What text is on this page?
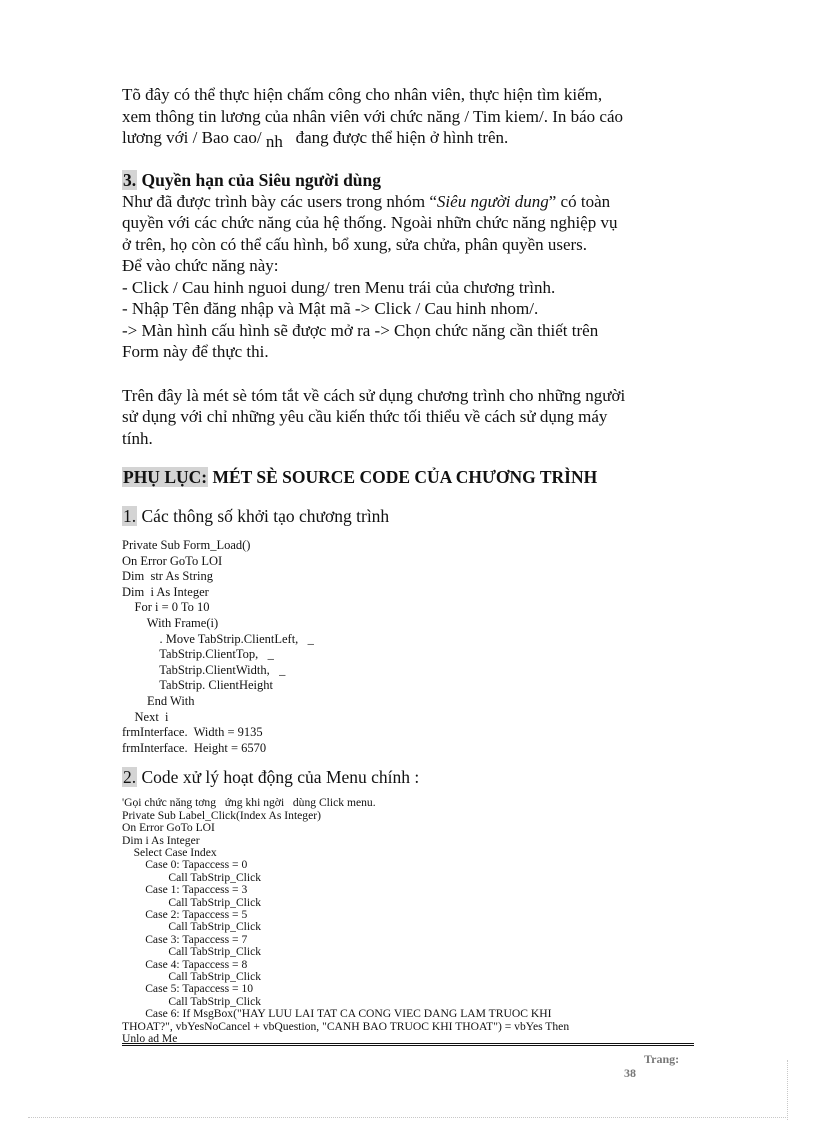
Tõ đây có thể thực hiện chấm công cho nhân viên, thực hiện tìm kiếm,

xem thông tin lương của nhân viên với chức năng / Tim kiem/. In báo cáo

lương với / Bao cao/ $_{nh}$ đang được thể hiện ở hình trên.

3. Quyền hạn của Siêu người dùng

Như đã được trình bày các users trong nhóm “Siêu người dung” có toàn

quyền với các chức năng của hệ thống. Ngoài nhữn chức năng nghiệp vụ

ở trên, họ còn có thể cấu hình, bổ xung, sửa chửa, phân quyền users.

Để vào chức năng này:

- Click / Cau hinh nguoi dung/ tren Menu trái của chương trình.

- Nhập Tên đăng nhập và Mật mã -> Click / Cau hinh nhom/.

-> Màn hình cấu hình sẽ được mở ra -> Chọn chức năng cần thiết trên

Form này để thực thi.

Trên đây là mét sè tóm tắt về cách sử dụng chương trình cho những người

sử dụng với chỉ những yêu cầu kiến thức tối thiểu về cách sử dụng máy

tính.

PHỤ LỤC: MÉT SÈ SOURCE CODE CỦA CHƯƠNG TRÌNH

1. Các thông số khởi tạo chương trình

Private Sub Form_Load()
On Error GoTo LOI
Dim  str As String
Dim  i As Integer
For i = 0 To 10
With Frame(i)
. Move TabStrip.ClientLeft,   _
TabStrip.ClientTop,   _
TabStrip.ClientWidth,   _
TabStrip. ClientHeight
End With
Next  i
frmInterface.  Width = 9135
frmInterface.  Height = 6570

2. Code xử lý hoạt động của Menu chính :

'Gọi chức năng tơng   ứng khi ngời   dùng Click menu.
Private Sub Label_Click(Index As Integer)
On Error GoTo LOI
Dim i As Integer
Select Case Index
Case 0: Tapaccess = 0
Call TabStrip_Click
Case 1: Tapaccess = 3
Call TabStrip_Click
Case 2: Tapaccess = 5
Call TabStrip_Click
Case 3: Tapaccess = 7
Call TabStrip_Click
Case 4: Tapaccess = 8
Call TabStrip_Click
Case 5: Tapaccess = 10
Call TabStrip_Click
Case 6: If MsgBox("HAY LUU LAI TAT CA CONG VIEC DANG LAM TRUOC KHI
THOAT?", vbYesNoCancel + vbQuestion, "CANH BAO TRUOC KHI THOAT") = vbYes Then
Unlo ad Me
Trang:
38
